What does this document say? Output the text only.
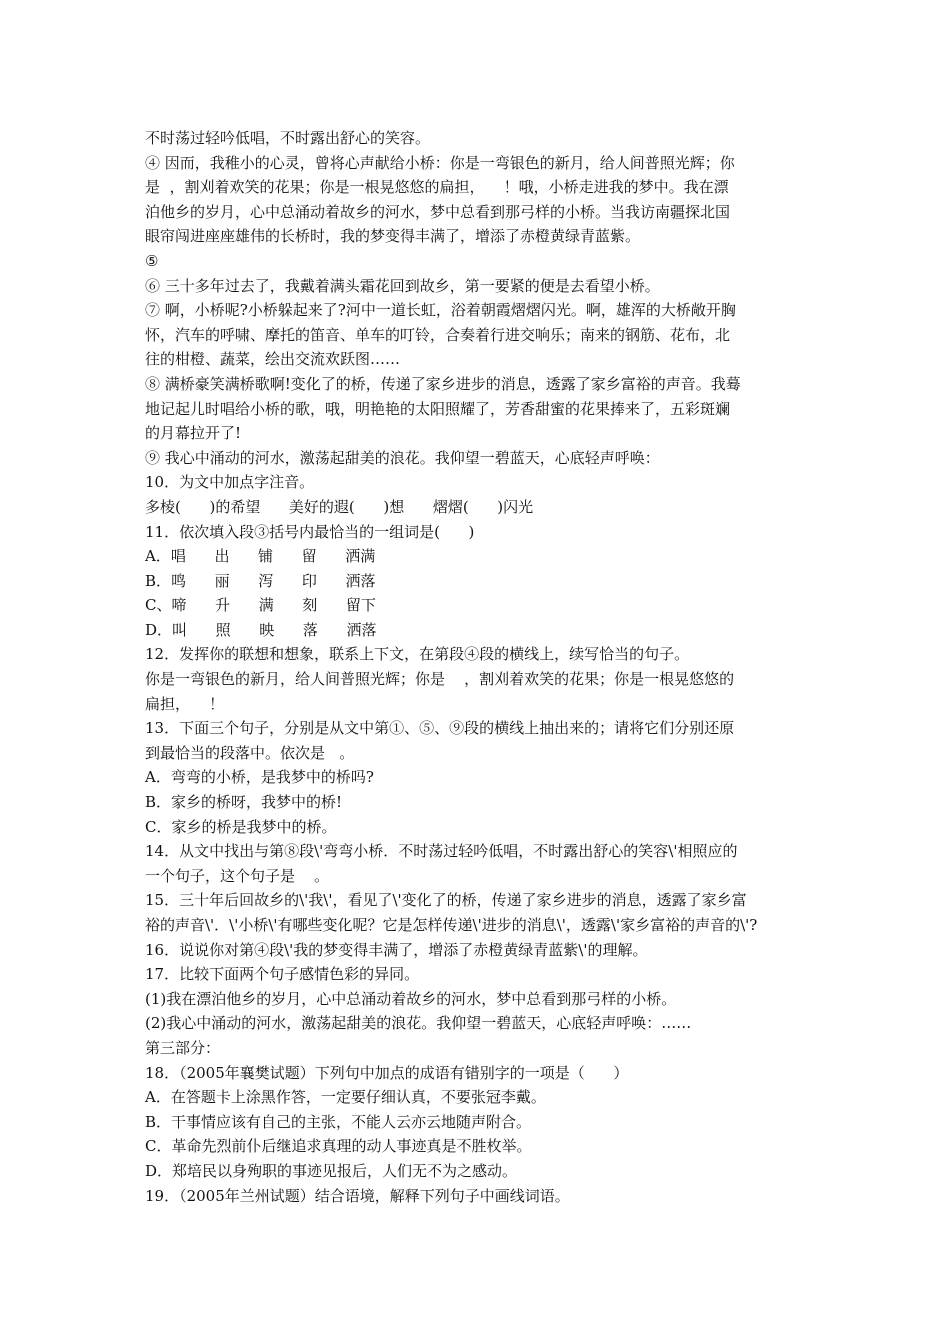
不时荡过轻吟低唱，不时露出舒心的笑容。
④ 因而，我稚小的心灵，曾将心声献给小桥：你是一弯银色的新月，给人间普照光辉；你
是  ，割刈着欢笑的花果；你是一根晃悠悠的扁担，    ！哦，小桥走进我的梦中。我在漂
泊他乡的岁月，心中总涌动着故乡的河水，梦中总看到那弓样的小桥。当我访南疆探北国
眼帘闯进座座雄伟的长桥时，我的梦变得丰满了，增添了赤橙黄绿青蓝紫。
⑤
⑥ 三十多年过去了，我戴着满头霜花回到故乡，第一要紧的便是去看望小桥。
⑦ 啊，小桥呢?小桥躲起来了?河中一道长虹，浴着朝霞熠熠闪光。啊，雄浑的大桥敞开胸
怀，汽车的呼啸、摩托的笛音、单车的叮铃，合奏着行进交响乐；南来的钢筋、花布，北
往的柑橙、蔬菜，绘出交流欢跃图……
⑧ 满桥豪笑满桥歌啊!变化了的桥，传递了家乡进步的消息，透露了家乡富裕的声音。我蓦
地记起儿时唱给小桥的歌，哦，明艳艳的太阳照耀了，芳香甜蜜的花果捧来了，五彩斑斓
的月幕拉开了!
⑨ 我心中涌动的河水，激荡起甜美的浪花。我仰望一碧蓝天，心底轻声呼唤：
10．为文中加点字注音。
多棱(      )的希望      美好的遐(      )想      熠熠(      )闪光
11．依次填入段③括号内最恰当的一组词是(      )
A．唱      出      铺      留      洒满
B．鸣      丽      泻      印      洒落
C、啼      升      满      刻      留下
D．叫      照      映      落      洒落
12．发挥你的联想和想象，联系上下文，在第段④段的横线上，续写恰当的句子。
你是一弯银色的新月，给人间普照光辉；你是    ，割刈着欢笑的花果；你是一根晃悠悠的
扁担，    ！
13．下面三个句子，分别是从文中第①、⑤、⑨段的横线上抽出来的；请将它们分别还原
到最恰当的段落中。依次是   。
A．弯弯的小桥，是我梦中的桥吗?
B．家乡的桥呀，我梦中的桥!
C．家乡的桥是我梦中的桥。
14．从文中找出与第⑧段\'弯弯小桥．不时荡过轻吟低唱，不时露出舒心的笑容\'相照应的
一个句子，这个句子是    。
15．三十年后回故乡的\'我\'，看见了\'变化了的桥，传递了家乡进步的消息，透露了家乡富
裕的声音\'．\'小桥\'有哪些变化呢？它是怎样传递\'进步的消息\'，透露\'家乡富裕的声音的\'?
16．说说你对第④段\'我的梦变得丰满了，增添了赤橙黄绿青蓝紫\'的理解。
17．比较下面两个句子感情色彩的异同。
(1)我在漂泊他乡的岁月，心中总涌动着故乡的河水，梦中总看到那弓样的小桥。
(2)我心中涌动的河水，激荡起甜美的浪花。我仰望一碧蓝天，心底轻声呼唤：……
第三部分：
18．（2005年襄樊试题）下列句中加点的成语有错别字的一项是（      ）
A．在答题卡上涂黑作答，一定要仔细认真，不要张冠李戴。
B．干事情应该有自己的主张，不能人云亦云地随声附合。
C．革命先烈前仆后继追求真理的动人事迹真是不胜枚举。
D．郑培民以身殉职的事迹见报后，人们无不为之感动。
19．（2005年兰州试题）结合语境，解释下列句子中画线词语。
